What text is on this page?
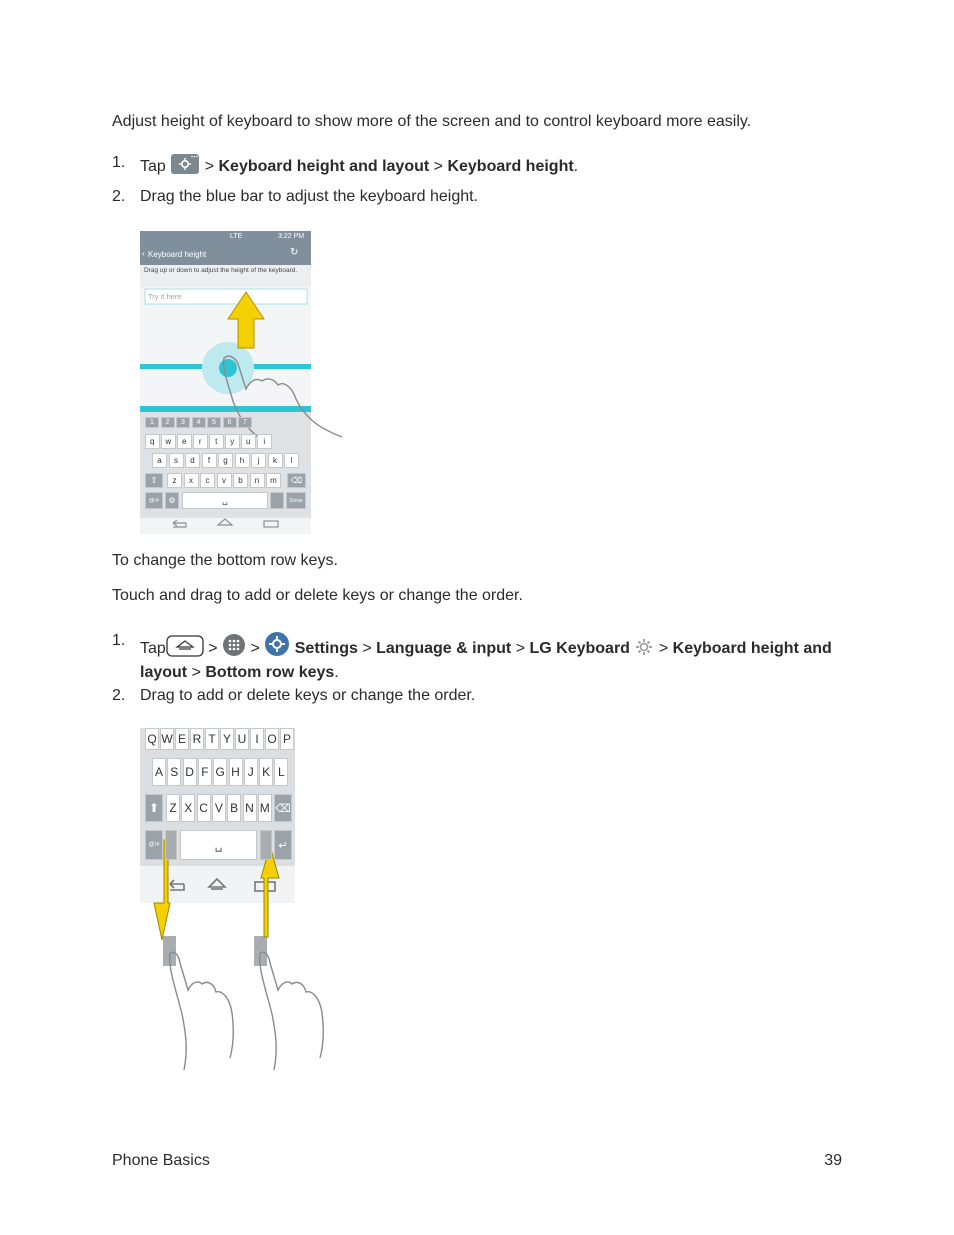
Adjust height of keyboard to show more of the screen and to control keyboard more easily.

1. Tap > Keyboard height and layout > Keyboard height.
2. Drag the blue bar to adjust the keyboard height.
LTE	3:22 PM
‹ Keyboard height	↻
Drag up or down to adjust the height of the keyboard.
Try it here
1	2	3	4	5	6	7
q	w	e	r	t	y	u	i
a	s	d	f	g	h	j	k	l
⇧	z	x	c	v	b	n	m	⌫
@!#	⚙	␣	Done

To change the bottom row keys.

Touch and drag to add or delete keys or change the order.

1. Tap	> > Settings > Language & input > LG Keyboard > Keyboard height and layout > Bottom row keys.
2. Drag to add or delete keys or change the order.
Q W E R T Y U I O P
A S D F G H J K L
⬆ Z X C V B N M ⌫
@!#	␣	↵
Phone Basics	39
